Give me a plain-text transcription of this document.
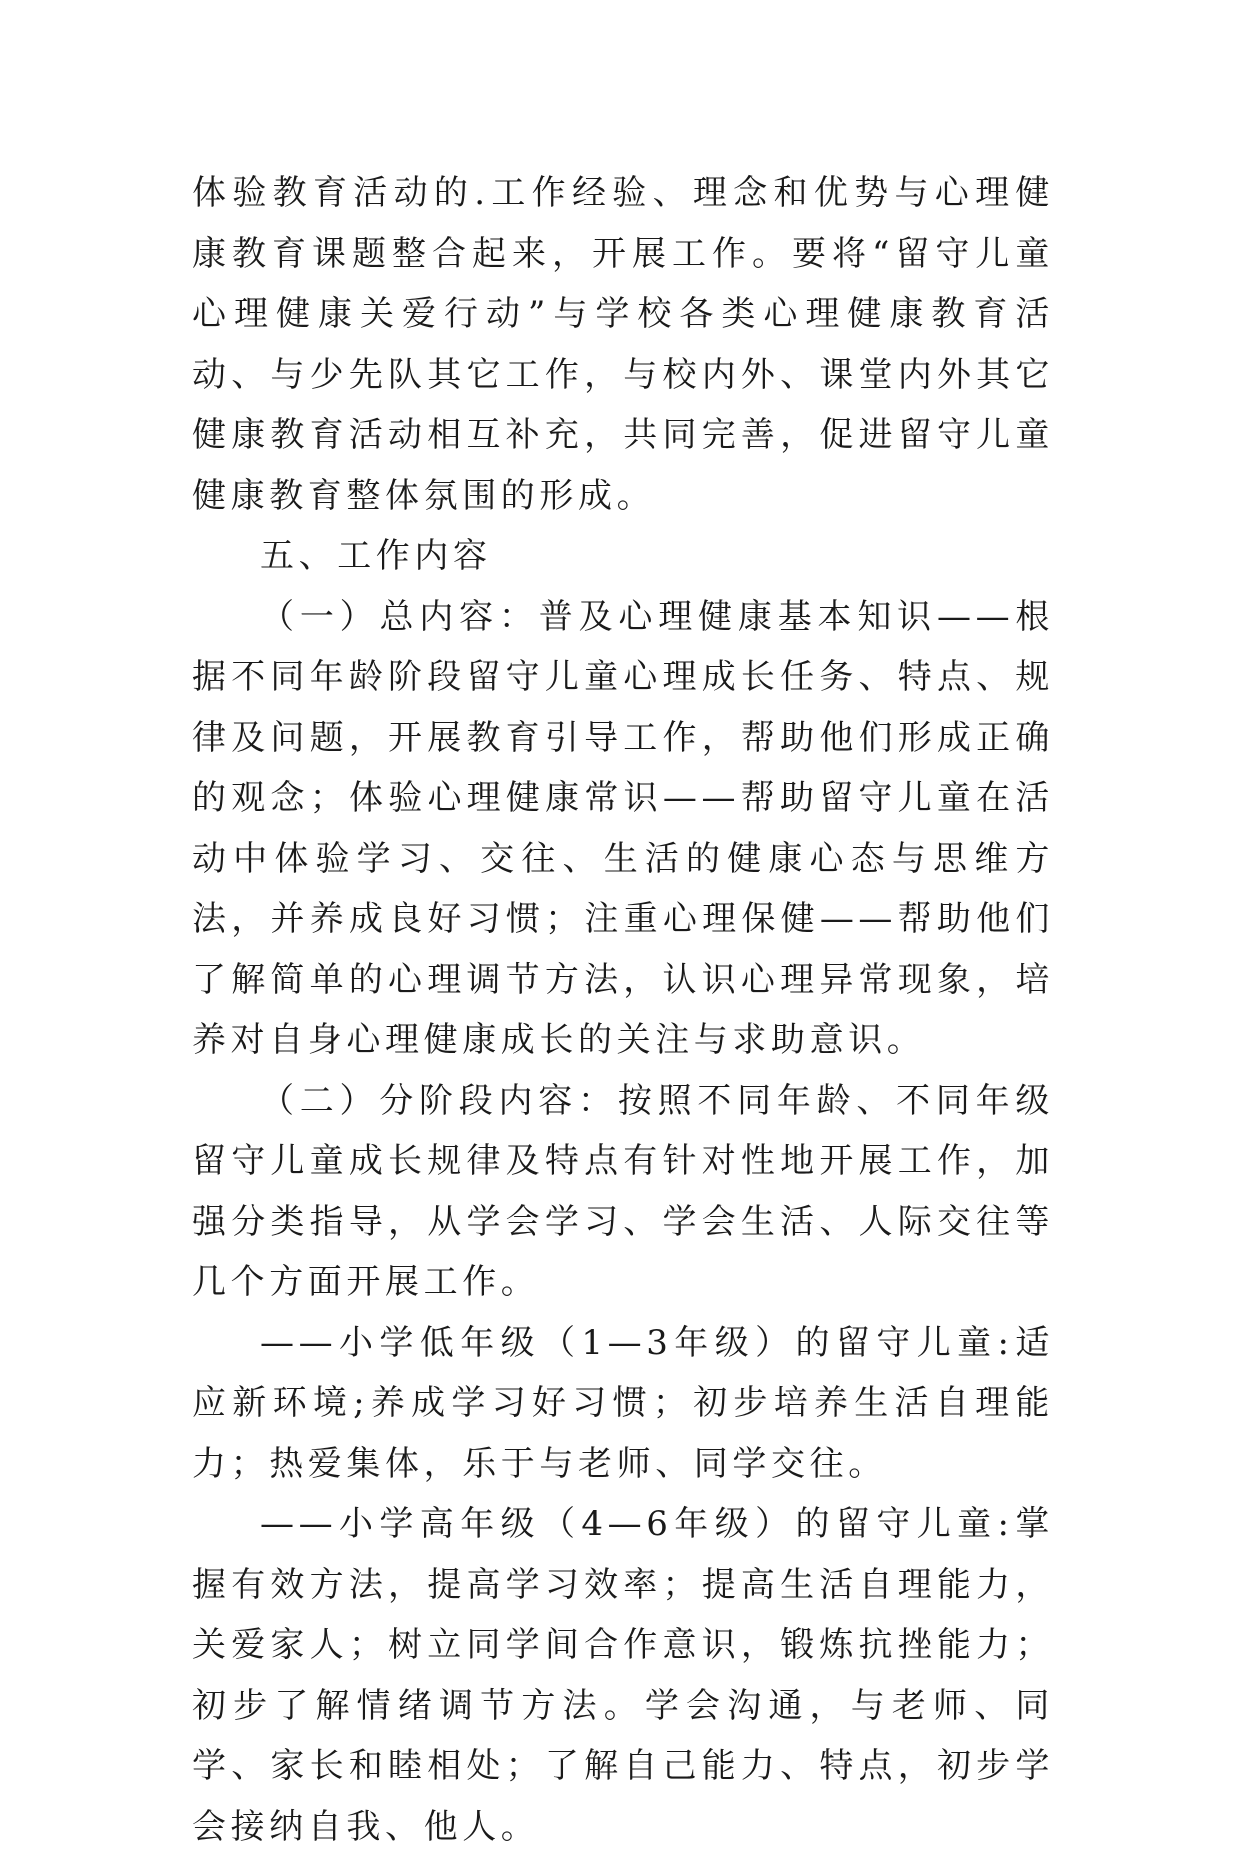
体验教育活动的.工作经验、理念和优势与心理健康教育课题整合起来，开展工作。要将“留守儿童心理健康关爱行动”与学校各类心理健康教育活动、与少先队其它工作，与校内外、课堂内外其它健康教育活动相互补充，共同完善，促进留守儿童健康教育整体氛围的形成。

五、工作内容

（一）总内容：普及心理健康基本知识——根据不同年龄阶段留守儿童心理成长任务、特点、规律及问题，开展教育引导工作，帮助他们形成正确的观念；体验心理健康常识——帮助留守儿童在活动中体验学习、交往、生活的健康心态与思维方法，并养成良好习惯；注重心理保健——帮助他们了解简单的心理调节方法，认识心理异常现象，培养对自身心理健康成长的关注与求助意识。

（二）分阶段内容：按照不同年龄、不同年级留守儿童成长规律及特点有针对性地开展工作，加强分类指导，从学会学习、学会生活、人际交往等几个方面开展工作。

——小学低年级（1—3年级）的留守儿童:适应新环境;养成学习好习惯；初步培养生活自理能力；热爱集体，乐于与老师、同学交往。

——小学高年级（4—6年级）的留守儿童:掌握有效方法，提高学习效率；提高生活自理能力，关爱家人；树立同学间合作意识，锻炼抗挫能力；初步了解情绪调节方法。学会沟通，与老师、同学、家长和睦相处；了解自己能力、特点，初步学会接纳自我、他人。
